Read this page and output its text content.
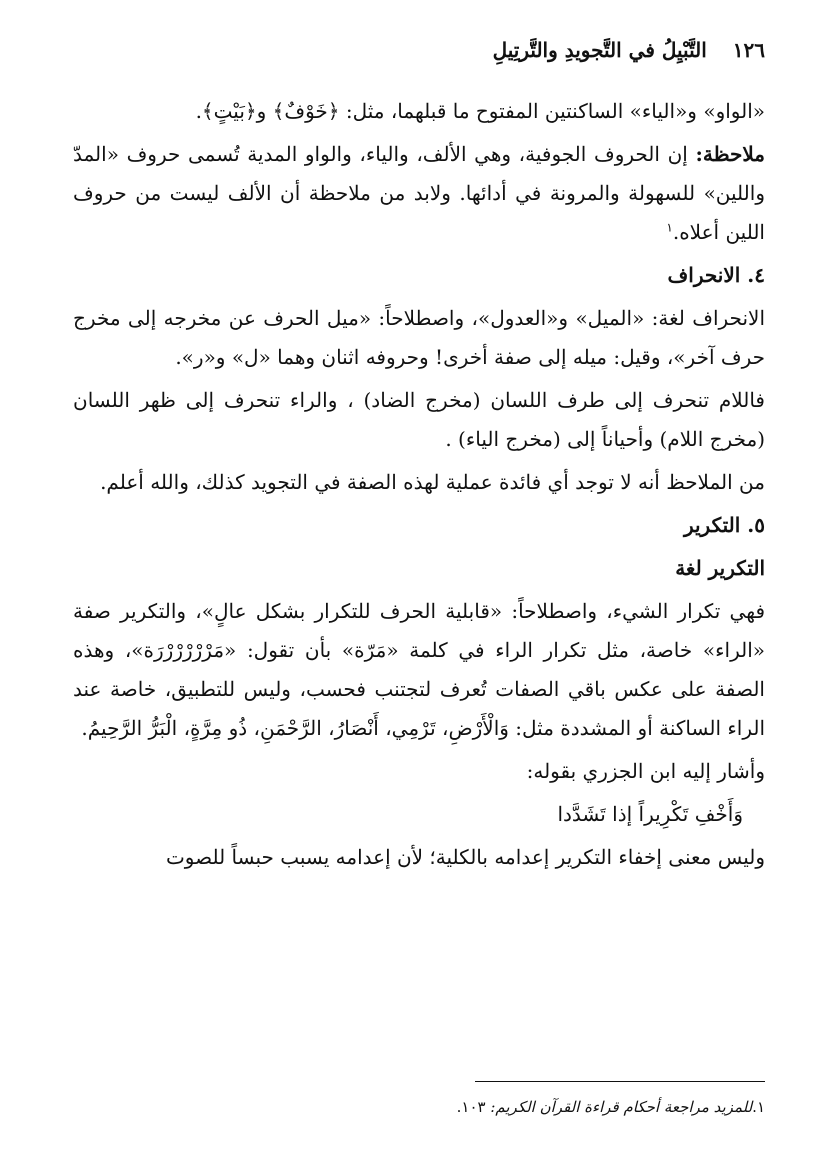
١٢٦
التَّبْيِلُ في التَّجويدِ والتَّرتِيلِ

«الواو» و«الياء» الساكنتين المفتوح ما قبلهما، مثل: ﴿خَوْفٌ﴾ و﴿بَيْتٍ﴾.

ملاحظة: إن الحروف الجوفية، وهي الألف، والياء، والواو المدية تُسمى حروف «المدّ واللين» للسهولة والمرونة في أدائها. ولابد من ملاحظة أن الألف ليست من حروف اللين أعلاه.$^١$

٤. الانحراف

الانحراف لغة: «الميل» و«العدول»، واصطلاحاً: «ميل الحرف عن مخرجه إلى مخرج حرف آخر»، وقيل: ميله إلى صفة أخرى! وحروفه اثنان وهما «ل» و«ر».

فاللام تنحرف إلى طرف اللسان (مخرج الضاد) ، والراء تنحرف إلى ظهر اللسان (مخرج اللام) وأحياناً إلى (مخرج الياء) .

من الملاحظ أنه لا توجد أي فائدة عملية لهذه الصفة في التجويد كذلك، والله أعلم.

٥. التكرير
التكرير لغة

فهي تكرار الشيء، واصطلاحاً: «قابلية الحرف للتكرار بشكل عالٍ»، والتكرير صفة «الراء» خاصة، مثل تكرار الراء في كلمة «مَرّة» بأن تقول: «مَرْرْرْرْرْرَة»، وهذه الصفة على عكس باقي الصفات تُعرف لتجتنب فحسب، وليس للتطبيق، خاصة عند الراء الساكنة أو المشددة مثل: وَالْأَرْضِ، تَرْمِي، أَنْصَارُ، الرَّحْمَنِ، ذُو مِرَّةٍ، الْبَرُّ الرَّحِيمُ.

وأشار إليه ابن الجزري بقوله:

وَأَخْفِ تَكْرِيراً إذا تَشَدَّدا

وليس معنى إخفاء التكرير إعدامه بالكلية؛ لأن إعدامه يسبب حبساً للصوت

١.للمزيد مراجعة أحكام قراءة القرآن الكريم: ١٠٣.
